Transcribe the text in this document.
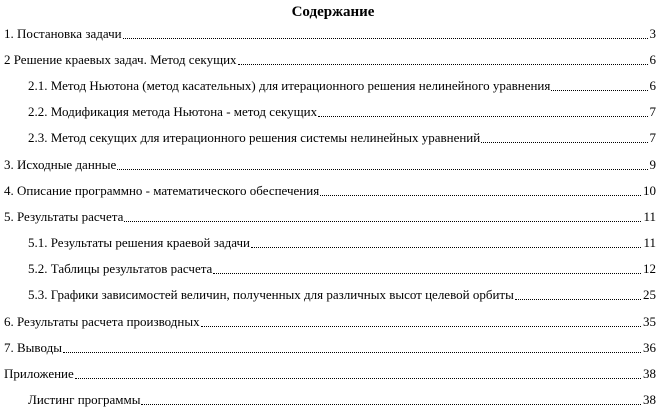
Содержание
1. Постановка задачи	3
2 Решение краевых задач. Метод секущих	6
2.1. Метод Ньютона (метод касательных) для итерационного решения нелинейного уравнения	6
2.2. Модификация метода Ньютона - метод секущих	7
2.3. Метод секущих для итерационного решения системы нелинейных уравнений	7
3. Исходные данные	9
4. Описание программно - математического обеспечения	10
5. Результаты расчета	11
5.1. Результаты решения краевой задачи	11
5.2. Таблицы результатов расчета	12
5.3. Графики зависимостей величин, полученных для различных высот целевой орбиты	25
6. Результаты расчета производных	35
7. Выводы	36
Приложение	38
Листинг программы	38
